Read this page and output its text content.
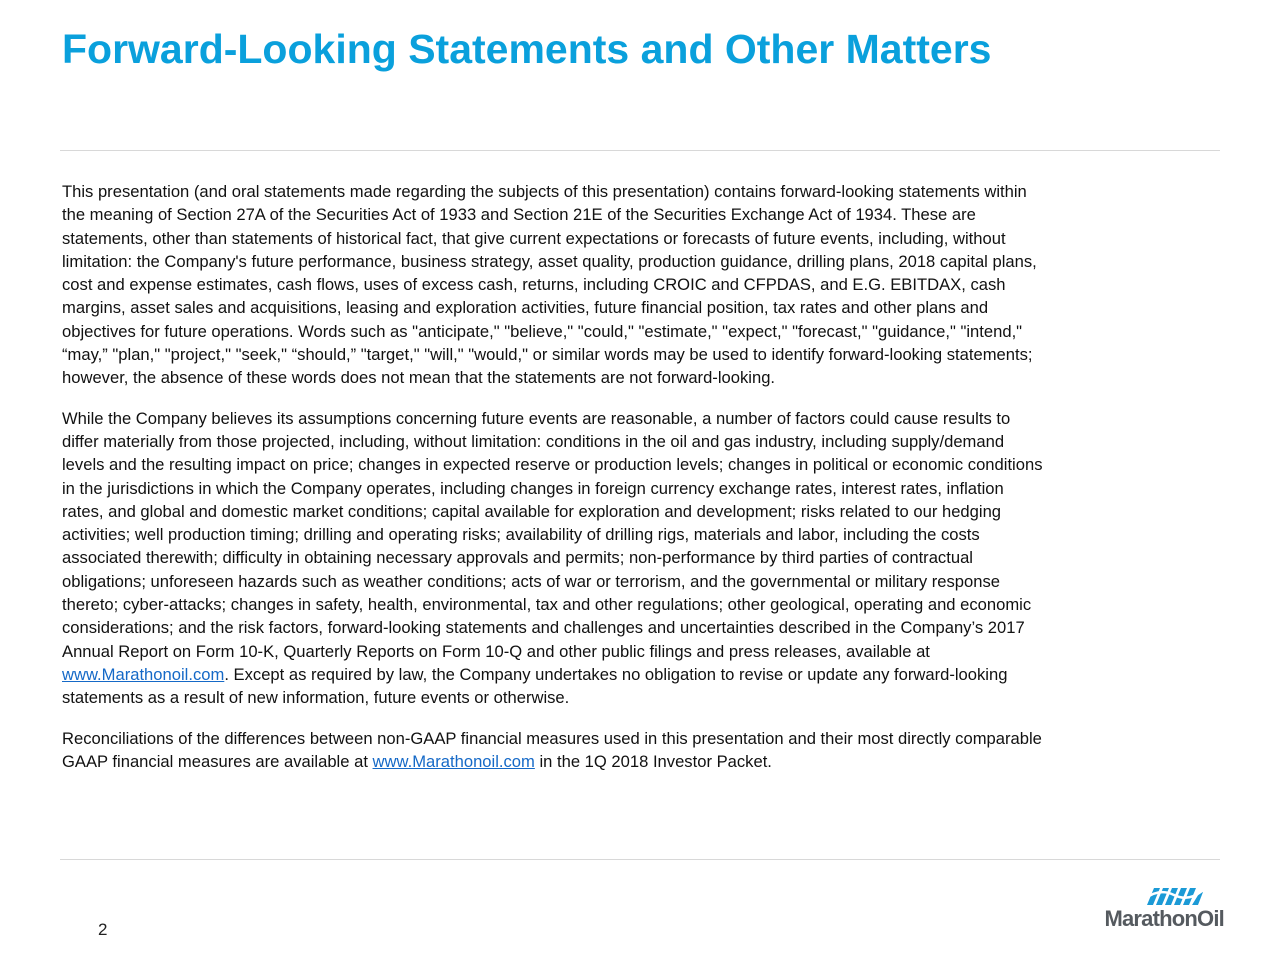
Forward-Looking Statements and Other Matters

This presentation (and oral statements made regarding the subjects of this presentation) contains forward-looking statements within
the meaning of Section 27A of the Securities Act of 1933 and Section 21E of the Securities Exchange Act of 1934. These are
statements, other than statements of historical fact, that give current expectations or forecasts of future events, including, without
limitation: the Company's future performance, business strategy, asset quality, production guidance, drilling plans, 2018 capital plans,
cost and expense estimates, cash flows, uses of excess cash, returns, including CROIC and CFPDAS, and E.G. EBITDAX, cash
margins, asset sales and acquisitions, leasing and exploration activities, future financial position, tax rates and other plans and
objectives for future operations. Words such as "anticipate," "believe," "could," "estimate," "expect," "forecast," "guidance," "intend,"
“may,” "plan," "project," "seek," “should,” "target," "will," "would," or similar words may be used to identify forward-looking statements;
however, the absence of these words does not mean that the statements are not forward-looking.

While the Company believes its assumptions concerning future events are reasonable, a number of factors could cause results to
differ materially from those projected, including, without limitation: conditions in the oil and gas industry, including supply/demand
levels and the resulting impact on price; changes in expected reserve or production levels; changes in political or economic conditions
in the jurisdictions in which the Company operates, including changes in foreign currency exchange rates, interest rates, inflation
rates, and global and domestic market conditions; capital available for exploration and development; risks related to our hedging
activities; well production timing; drilling and operating risks; availability of drilling rigs, materials and labor, including the costs
associated therewith; difficulty in obtaining necessary approvals and permits; non-performance by third parties of contractual
obligations; unforeseen hazards such as weather conditions; acts of war or terrorism, and the governmental or military response
thereto; cyber-attacks; changes in safety, health, environmental, tax and other regulations; other geological, operating and economic
considerations; and the risk factors, forward-looking statements and challenges and uncertainties described in the Company’s 2017
Annual Report on Form 10-K, Quarterly Reports on Form 10-Q and other public filings and press releases, available at
www.Marathonoil.com. Except as required by law, the Company undertakes no obligation to revise or update any forward-looking
statements as a result of new information, future events or otherwise.

Reconciliations of the differences between non-GAAP financial measures used in this presentation and their most directly comparable
GAAP financial measures are available at www.Marathonoil.com in the 1Q 2018 Investor Packet.

2	MarathonOil
